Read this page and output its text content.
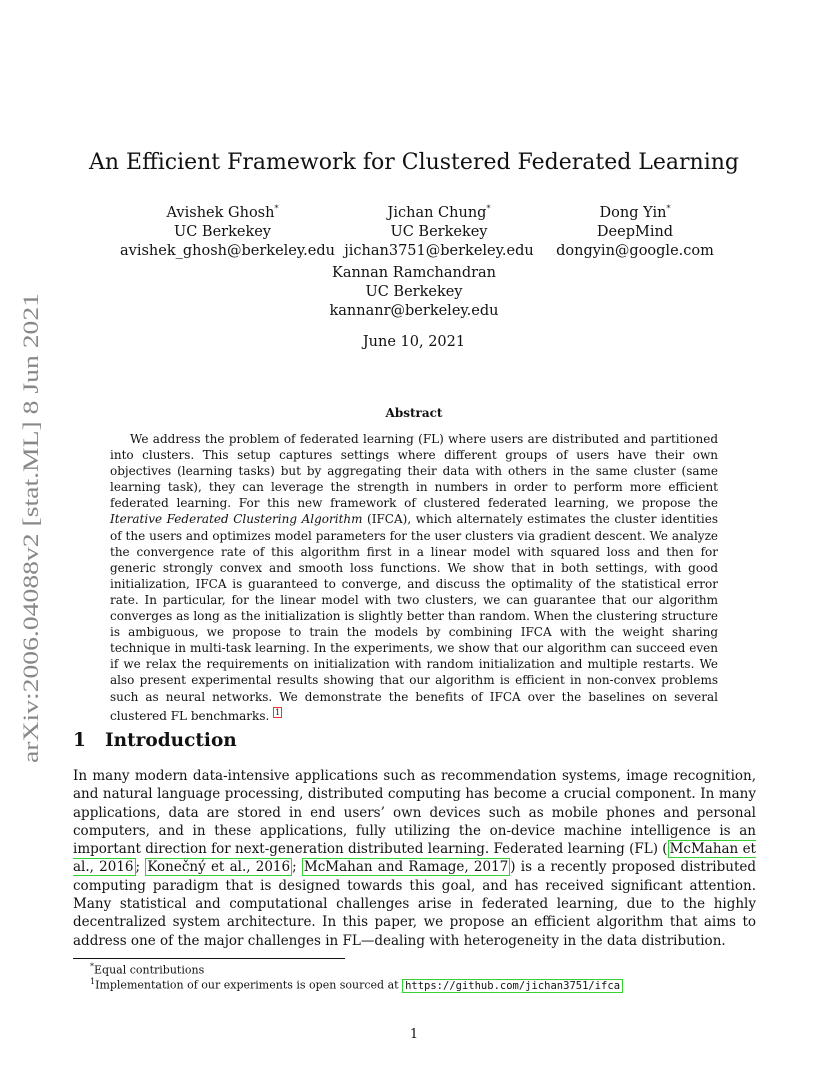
arXiv:2006.04088v2 [stat.ML] 8 Jun 2021
An Efficient Framework for Clustered Federated Learning
Avishek Ghosh*
UC Berkekey
avishek_ghosh@berkeley.edu
Jichan Chung*
UC Berkekey
jichan3751@berkeley.edu
Dong Yin*
DeepMind
dongyin@google.com
Kannan Ramchandran
UC Berkekey
kannanr@berkeley.edu
June 10, 2021
Abstract
We address the problem of federated learning (FL) where users are distributed and partitioned into clusters. This setup captures settings where different groups of users have their own objectives (learning tasks) but by aggregating their data with others in the same cluster (same learning task), they can leverage the strength in numbers in order to perform more efficient federated learning. For this new framework of clustered federated learning, we propose the Iterative Federated Clustering Algorithm (IFCA), which alternately estimates the cluster identities of the users and optimizes model parameters for the user clusters via gradient descent. We analyze the convergence rate of this algorithm first in a linear model with squared loss and then for generic strongly convex and smooth loss functions. We show that in both settings, with good initialization, IFCA is guaranteed to converge, and discuss the optimality of the statistical error rate. In particular, for the linear model with two clusters, we can guarantee that our algorithm converges as long as the initialization is slightly better than random. When the clustering structure is ambiguous, we propose to train the models by combining IFCA with the weight sharing technique in multi-task learning. In the experiments, we show that our algorithm can succeed even if we relax the requirements on initialization with random initialization and multiple restarts. We also present experimental results showing that our algorithm is efficient in non-convex problems such as neural networks. We demonstrate the benefits of IFCA over the baselines on several clustered FL benchmarks. $^1$
1 Introduction
In many modern data-intensive applications such as recommendation systems, image recognition, and natural language processing, distributed computing has become a crucial component. In many applications, data are stored in end users’ own devices such as mobile phones and personal computers, and in these applications, fully utilizing the on-device machine intelligence is an important direction for next-generation distributed learning. Federated learning (FL) ( McMahan et al., 2016 ; Konečný et al., 2016 ; McMahan and Ramage, 2017 ) is a recently proposed distributed computing paradigm that is designed towards this goal, and has received significant attention. Many statistical and computational challenges arise in federated learning, due to the highly decentralized system architecture. In this paper, we propose an efficient algorithm that aims to address one of the major challenges in FL—dealing with heterogeneity in the data distribution.
*Equal contributions
$^1$Implementation of our experiments is open sourced at https://github.com/jichan3751/ifca
1
